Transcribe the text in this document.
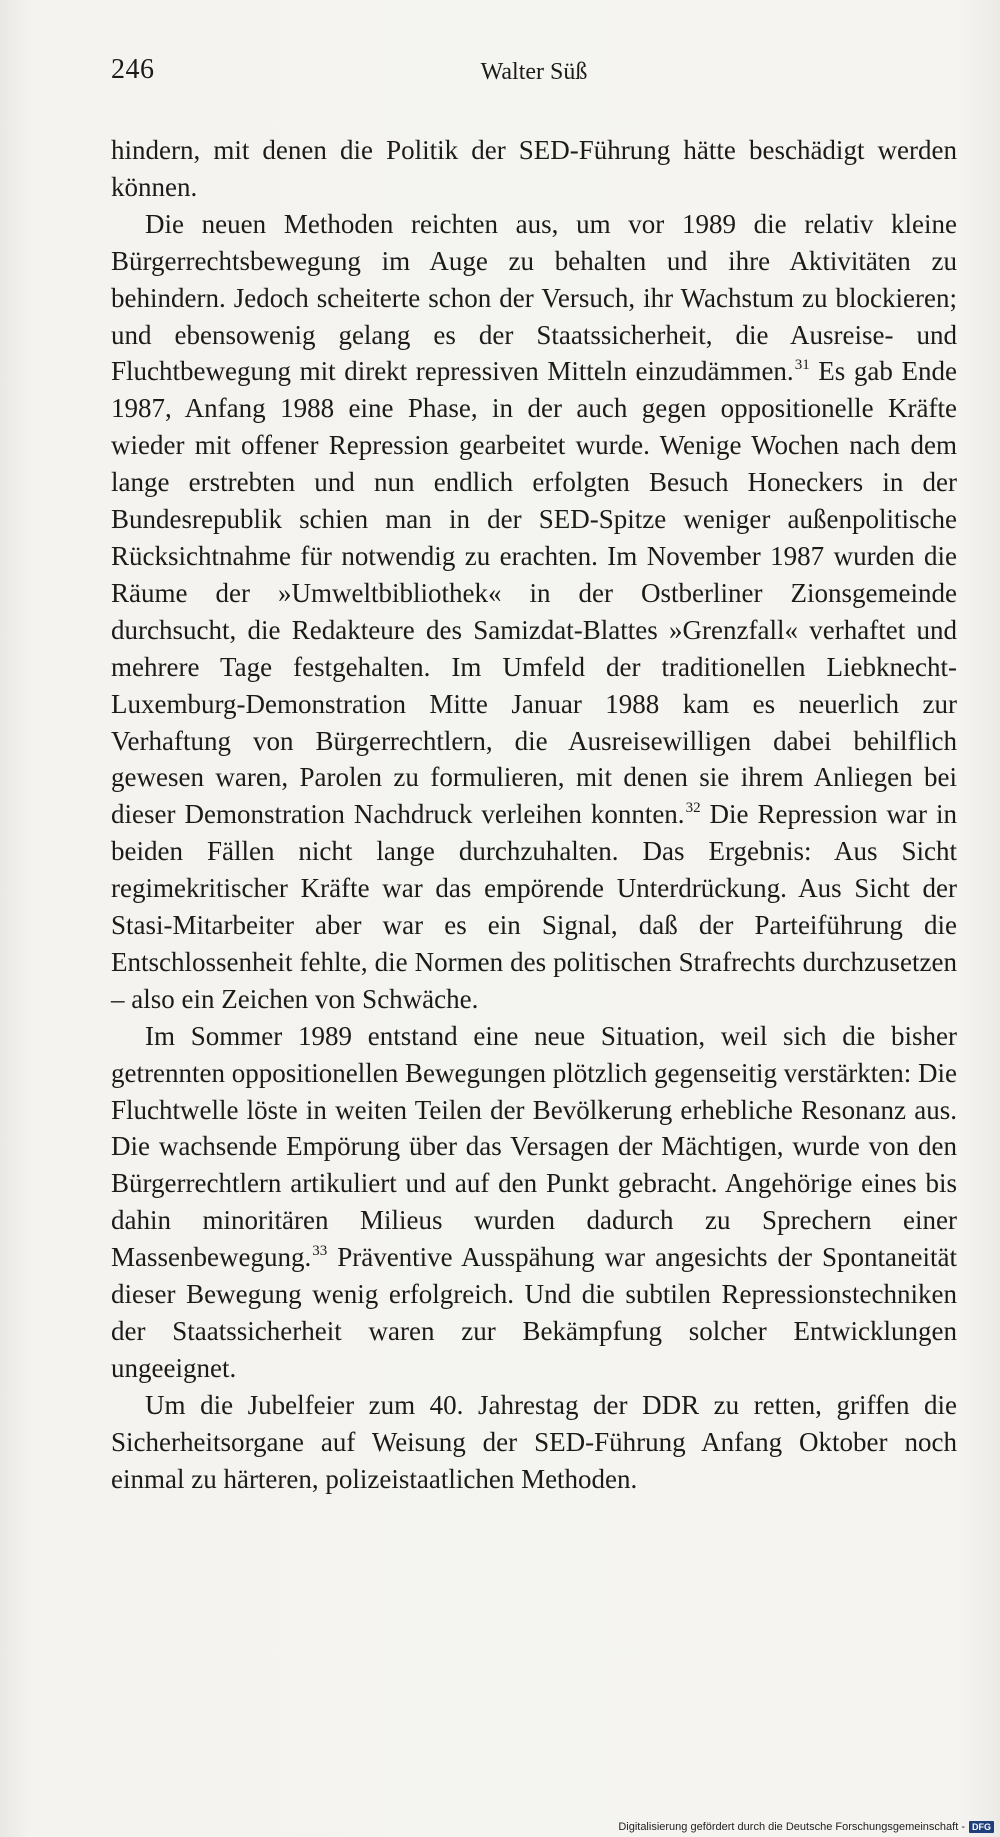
246	Walter Süß

hindern, mit denen die Politik der SED-Führung hätte beschädigt werden können.

Die neuen Methoden reichten aus, um vor 1989 die relativ kleine Bürgerrechtsbewegung im Auge zu behalten und ihre Aktivitäten zu behindern. Jedoch scheiterte schon der Versuch, ihr Wachstum zu blockieren; und ebensowenig gelang es der Staatssicherheit, die Ausreise- und Fluchtbewegung mit direkt repressiven Mitteln einzudämmen.$^{31}$ Es gab Ende 1987, Anfang 1988 eine Phase, in der auch gegen oppositionelle Kräfte wieder mit offener Repression gearbeitet wurde. Wenige Wochen nach dem lange erstrebten und nun endlich erfolgten Besuch Honeckers in der Bundesrepublik schien man in der SED-Spitze weniger außenpolitische Rücksichtnahme für notwendig zu erachten. Im November 1987 wurden die Räume der »Umweltbibliothek« in der Ostberliner Zionsgemeinde durchsucht, die Redakteure des Samizdat-Blattes »Grenzfall« verhaftet und mehrere Tage festgehalten. Im Umfeld der traditionellen Liebknecht-Luxemburg-Demonstration Mitte Januar 1988 kam es neuerlich zur Verhaftung von Bürgerrechtlern, die Ausreisewilligen dabei behilflich gewesen waren, Parolen zu formulieren, mit denen sie ihrem Anliegen bei dieser Demonstration Nachdruck verleihen konnten.$^{32}$ Die Repression war in beiden Fällen nicht lange durchzuhalten. Das Ergebnis: Aus Sicht regimekritischer Kräfte war das empörende Unterdrückung. Aus Sicht der Stasi-Mitarbeiter aber war es ein Signal, daß der Parteiführung die Entschlossenheit fehlte, die Normen des politischen Strafrechts durchzusetzen – also ein Zeichen von Schwäche.

Im Sommer 1989 entstand eine neue Situation, weil sich die bisher getrennten oppositionellen Bewegungen plötzlich gegenseitig verstärkten: Die Fluchtwelle löste in weiten Teilen der Bevölkerung erhebliche Resonanz aus. Die wachsende Empörung über das Versagen der Mächtigen, wurde von den Bürgerrechtlern artikuliert und auf den Punkt gebracht. Angehörige eines bis dahin minoritären Milieus wurden dadurch zu Sprechern einer Massenbewegung.$^{33}$ Präventive Ausspähung war angesichts der Spontaneität dieser Bewegung wenig erfolgreich. Und die subtilen Repressionstechniken der Staatssicherheit waren zur Bekämpfung solcher Entwicklungen ungeeignet.

Um die Jubelfeier zum 40. Jahrestag der DDR zu retten, griffen die Sicherheitsorgane auf Weisung der SED-Führung Anfang Oktober noch einmal zu härteren, polizeistaatlichen Methoden.

Digitalisierung gefördert durch die Deutsche Forschungsgemeinschaft - DFG
